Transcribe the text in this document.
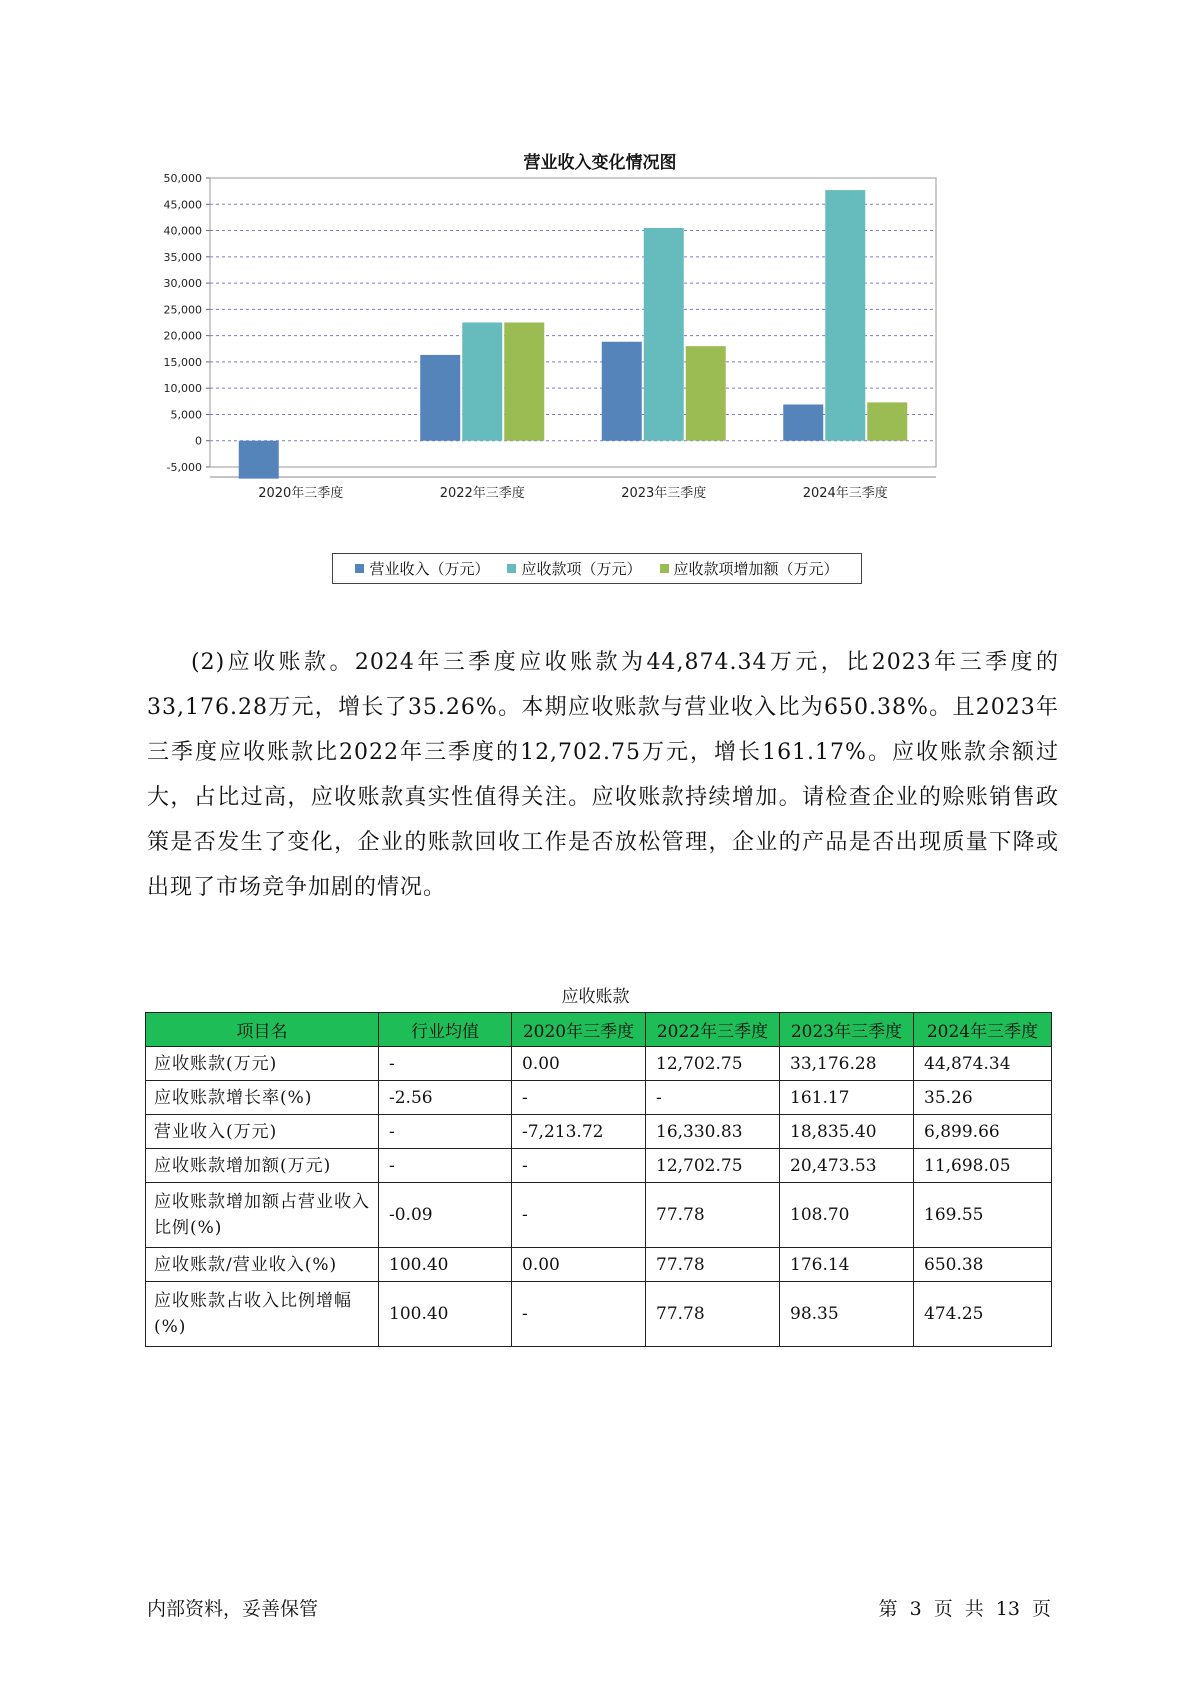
营业收入变化情况图
-5,000
0
5,000
10,000
15,000
20,000
25,000
30,000
35,000
40,000
45,000
50,000
2020年三季度	2022年三季度	2023年三季度	2024年三季度
营业收入（万元） 应收款项（万元） 应收款项增加额（万元）
(2)应收账款。2024年三季度应收账款为44,874.34万元，比2023年三季度的33,176.28万元，增长了35.26%。本期应收账款与营业收入比为650.38%。且2023年三季度应收账款比2022年三季度的12,702.75万元，增长161.17%。应收账款余额过大，占比过高，应收账款真实性值得关注。应收账款持续增加。请检查企业的赊账销售政策是否发生了变化，企业的账款回收工作是否放松管理，企业的产品是否出现质量下降或出现了市场竞争加剧的情况。
应收账款
项目名	行业均值	2020年三季度	2022年三季度	2023年三季度	2024年三季度
应收账款(万元)	-	0.00	12,702.75	33,176.28	44,874.34
应收账款增长率(%)	-2.56	-	-	161.17	35.26
营业收入(万元)	-	-7,213.72	16,330.83	18,835.40	6,899.66
应收账款增加额(万元)	-	-	12,702.75	20,473.53	11,698.05
应收账款增加额占营业收入比例(%)	-0.09	-	77.78	108.70	169.55
应收账款/营业收入(%)	100.40	0.00	77.78	176.14	650.38
应收账款占收入比例增幅(%)	100.40	-	77.78	98.35	474.25
内部资料，妥善保管	第 3 页 共 13 页
